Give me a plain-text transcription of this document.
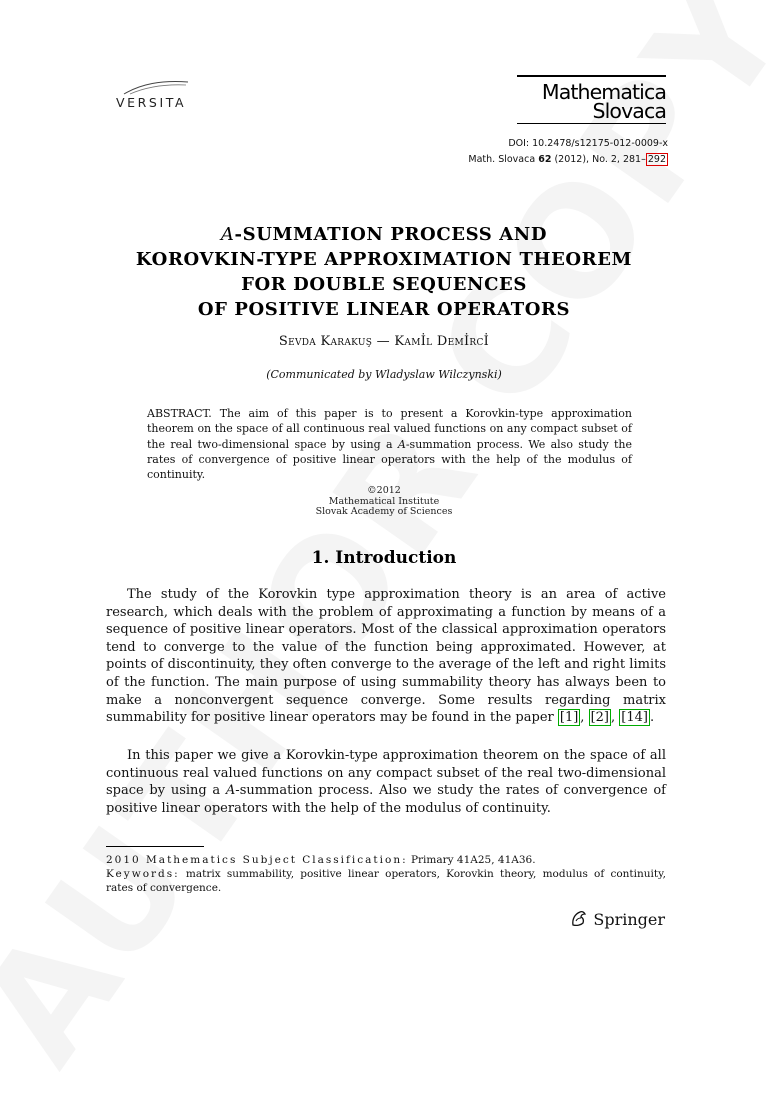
VERSITA	Mathematica
Slovaca
DOI: 10.2478/s12175-012-0009-x
Math. Slovaca 62 (2012), No. 2, 281– 292
A-SUMMATION PROCESS AND
KOROVKIN-TYPE APPROXIMATION THEOREM
FOR DOUBLE SEQUENCES
OF POSITIVE LINEAR OPERATORS
Sevda Karakuş — Kamİl Demİrcİ
(Communicated by Wladyslaw Wilczynski)
ABSTRACT. The aim of this paper is to present a Korovkin-type approximation theorem on the space of all continuous real valued functions on any compact subset of the real two-dimensional space by using a A-summation process. We also study the rates of convergence of positive linear operators with the help of the modulus of continuity.
©2012
Mathematical Institute
Slovak Academy of Sciences
1. Introduction

The study of the Korovkin type approximation theory is an area of active research, which deals with the problem of approximating a function by means of a sequence of positive linear operators. Most of the classical approximation operators tend to converge to the value of the function being approximated. However, at points of discontinuity, they often converge to the average of the left and right limits of the function. The main purpose of using summability theory has always been to make a nonconvergent sequence converge. Some results regarding matrix summability for positive linear operators may be found in the paper [1] , [2] , [14] .

In this paper we give a Korovkin-type approximation theorem on the space of all continuous real valued functions on any compact subset of the real two-dimensional space by using a A-summation process. Also we study the rates of convergence of positive linear operators with the help of the modulus of continuity.

2010 Mathematics Subject Classification: Primary 41A25, 41A36.
Keywords: matrix summability, positive linear operators, Korovkin theory, modulus of continuity, rates of convergence.
Springer
